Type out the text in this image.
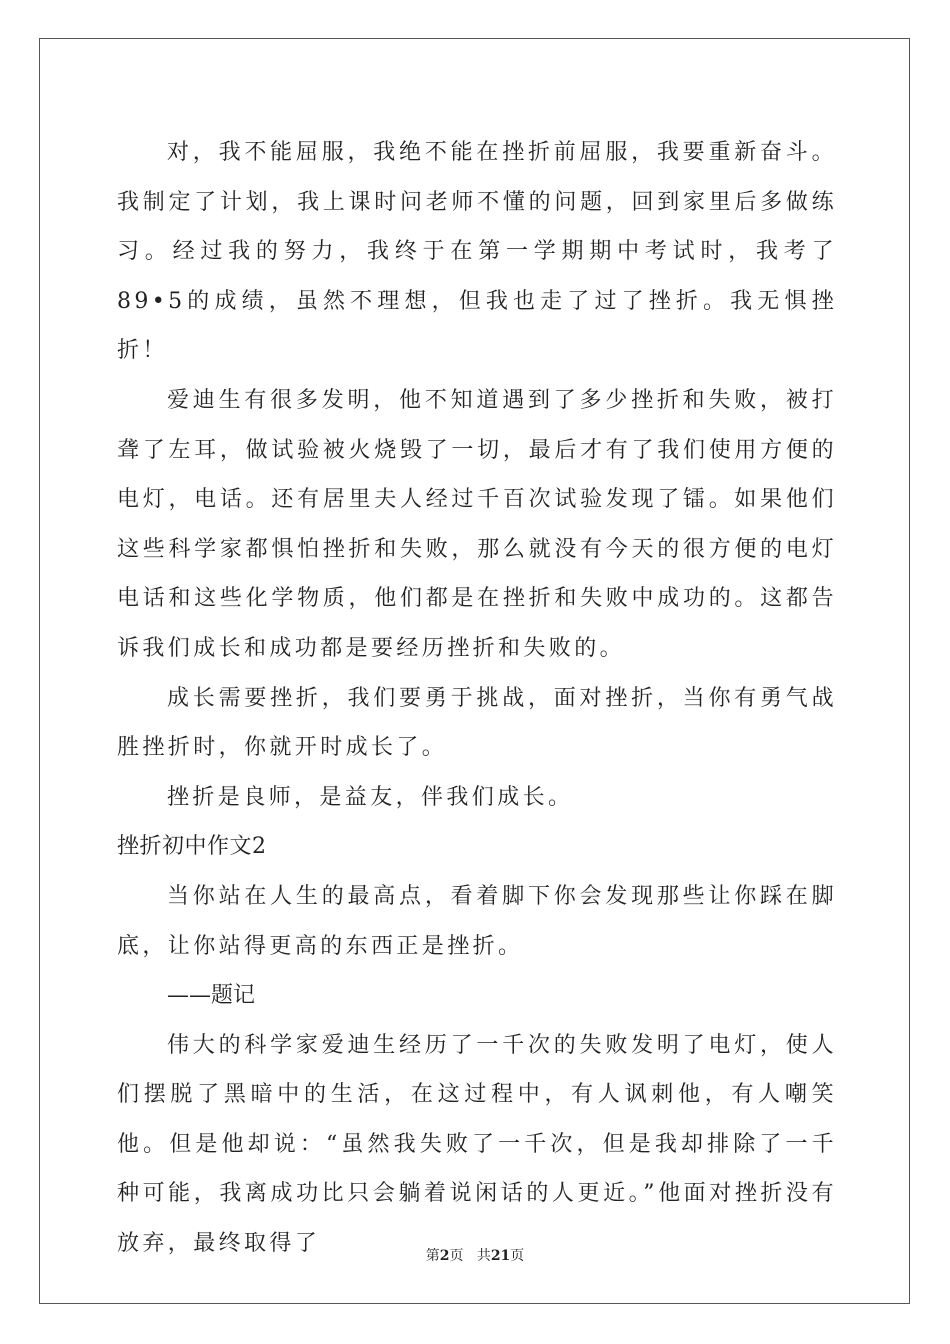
对，我不能屈服，我绝不能在挫折前屈服，我要重新奋斗。我制定了计划，我上课时问老师不懂的问题，回到家里后多做练习。经过我的努力，我终于在第一学期期中考试时，我考了89•5的成绩，虽然不理想，但我也走了过了挫折。我无惧挫折！

爱迪生有很多发明，他不知道遇到了多少挫折和失败，被打聋了左耳，做试验被火烧毁了一切，最后才有了我们使用方便的电灯，电话。还有居里夫人经过千百次试验发现了镭。如果他们这些科学家都惧怕挫折和失败，那么就没有今天的很方便的电灯电话和这些化学物质，他们都是在挫折和失败中成功的。这都告诉我们成长和成功都是要经历挫折和失败的。

成长需要挫折，我们要勇于挑战，面对挫折，当你有勇气战胜挫折时，你就开时成长了。

挫折是良师，是益友，伴我们成长。

挫折初中作文2

当你站在人生的最高点，看着脚下你会发现那些让你踩在脚底，让你站得更高的东西正是挫折。

——题记

伟大的科学家爱迪生经历了一千次的失败发明了电灯，使人们摆脱了黑暗中的生活，在这过程中，有人讽刺他，有人嘲笑他。但是他却说：“虽然我失败了一千次，但是我却排除了一千种可能，我离成功比只会躺着说闲话的人更近。”他面对挫折没有放弃，最终取得了	第2页 共21页
